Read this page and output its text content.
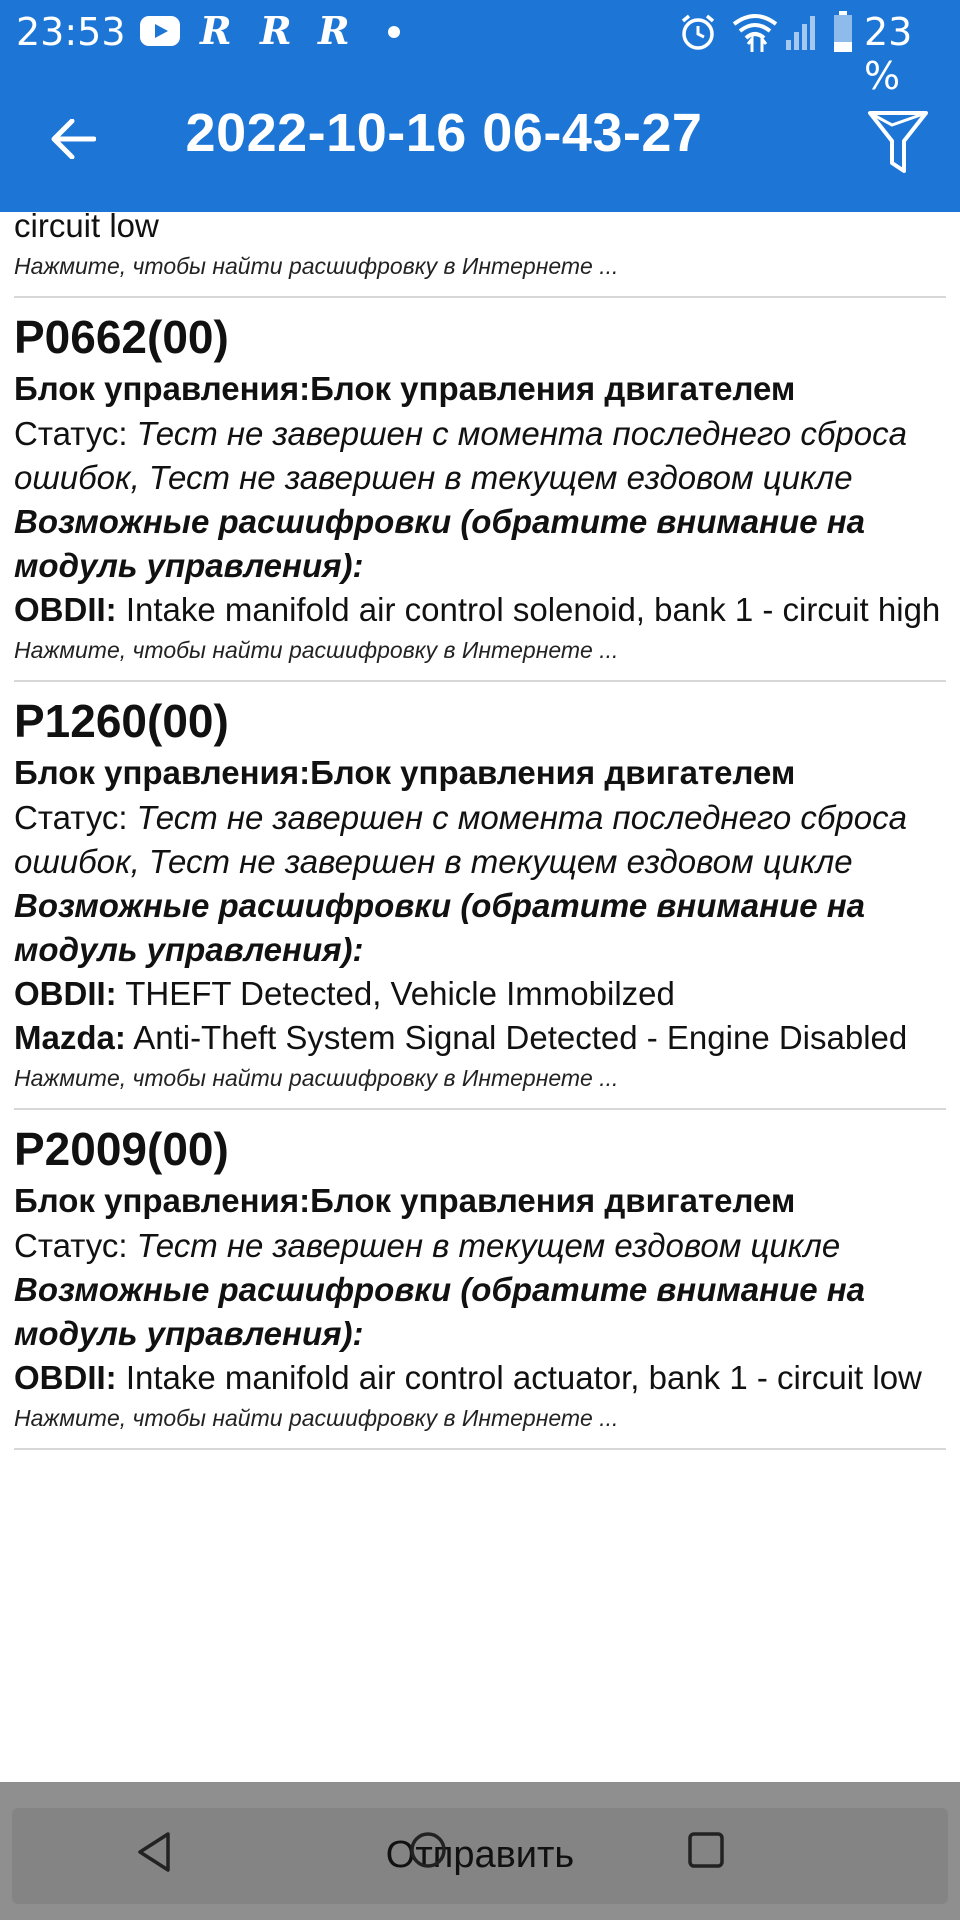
23:53 R R R	23 %
2022-10-16 06-43-27
circuit low
Нажмите, чтобы найти расшифровку в Интернете ...
P0662(00)
Блок управления:Блок управления двигателем
Статус: Тест не завершен с момента последнего сброса ошибок, Тест не завершен в текущем ездовом цикле
Возможные расшифровки (обратите внимание на модуль управления):
OBDII: Intake manifold air control solenoid, bank 1 - circuit high
Нажмите, чтобы найти расшифровку в Интернете ...
P1260(00)
Блок управления:Блок управления двигателем
Статус: Тест не завершен с момента последнего сброса ошибок, Тест не завершен в текущем ездовом цикле
Возможные расшифровки (обратите внимание на модуль управления):
OBDII: THEFT Detected, Vehicle Immobilzed
Mazda: Anti-Theft System Signal Detected - Engine Disabled
Нажмите, чтобы найти расшифровку в Интернете ...
P2009(00)
Блок управления:Блок управления двигателем
Статус: Тест не завершен в текущем ездовом цикле
Возможные расшифровки (обратите внимание на модуль управления):
OBDII: Intake manifold air control actuator, bank 1 - circuit low
Нажмите, чтобы найти расшифровку в Интернете ...

Отправить
